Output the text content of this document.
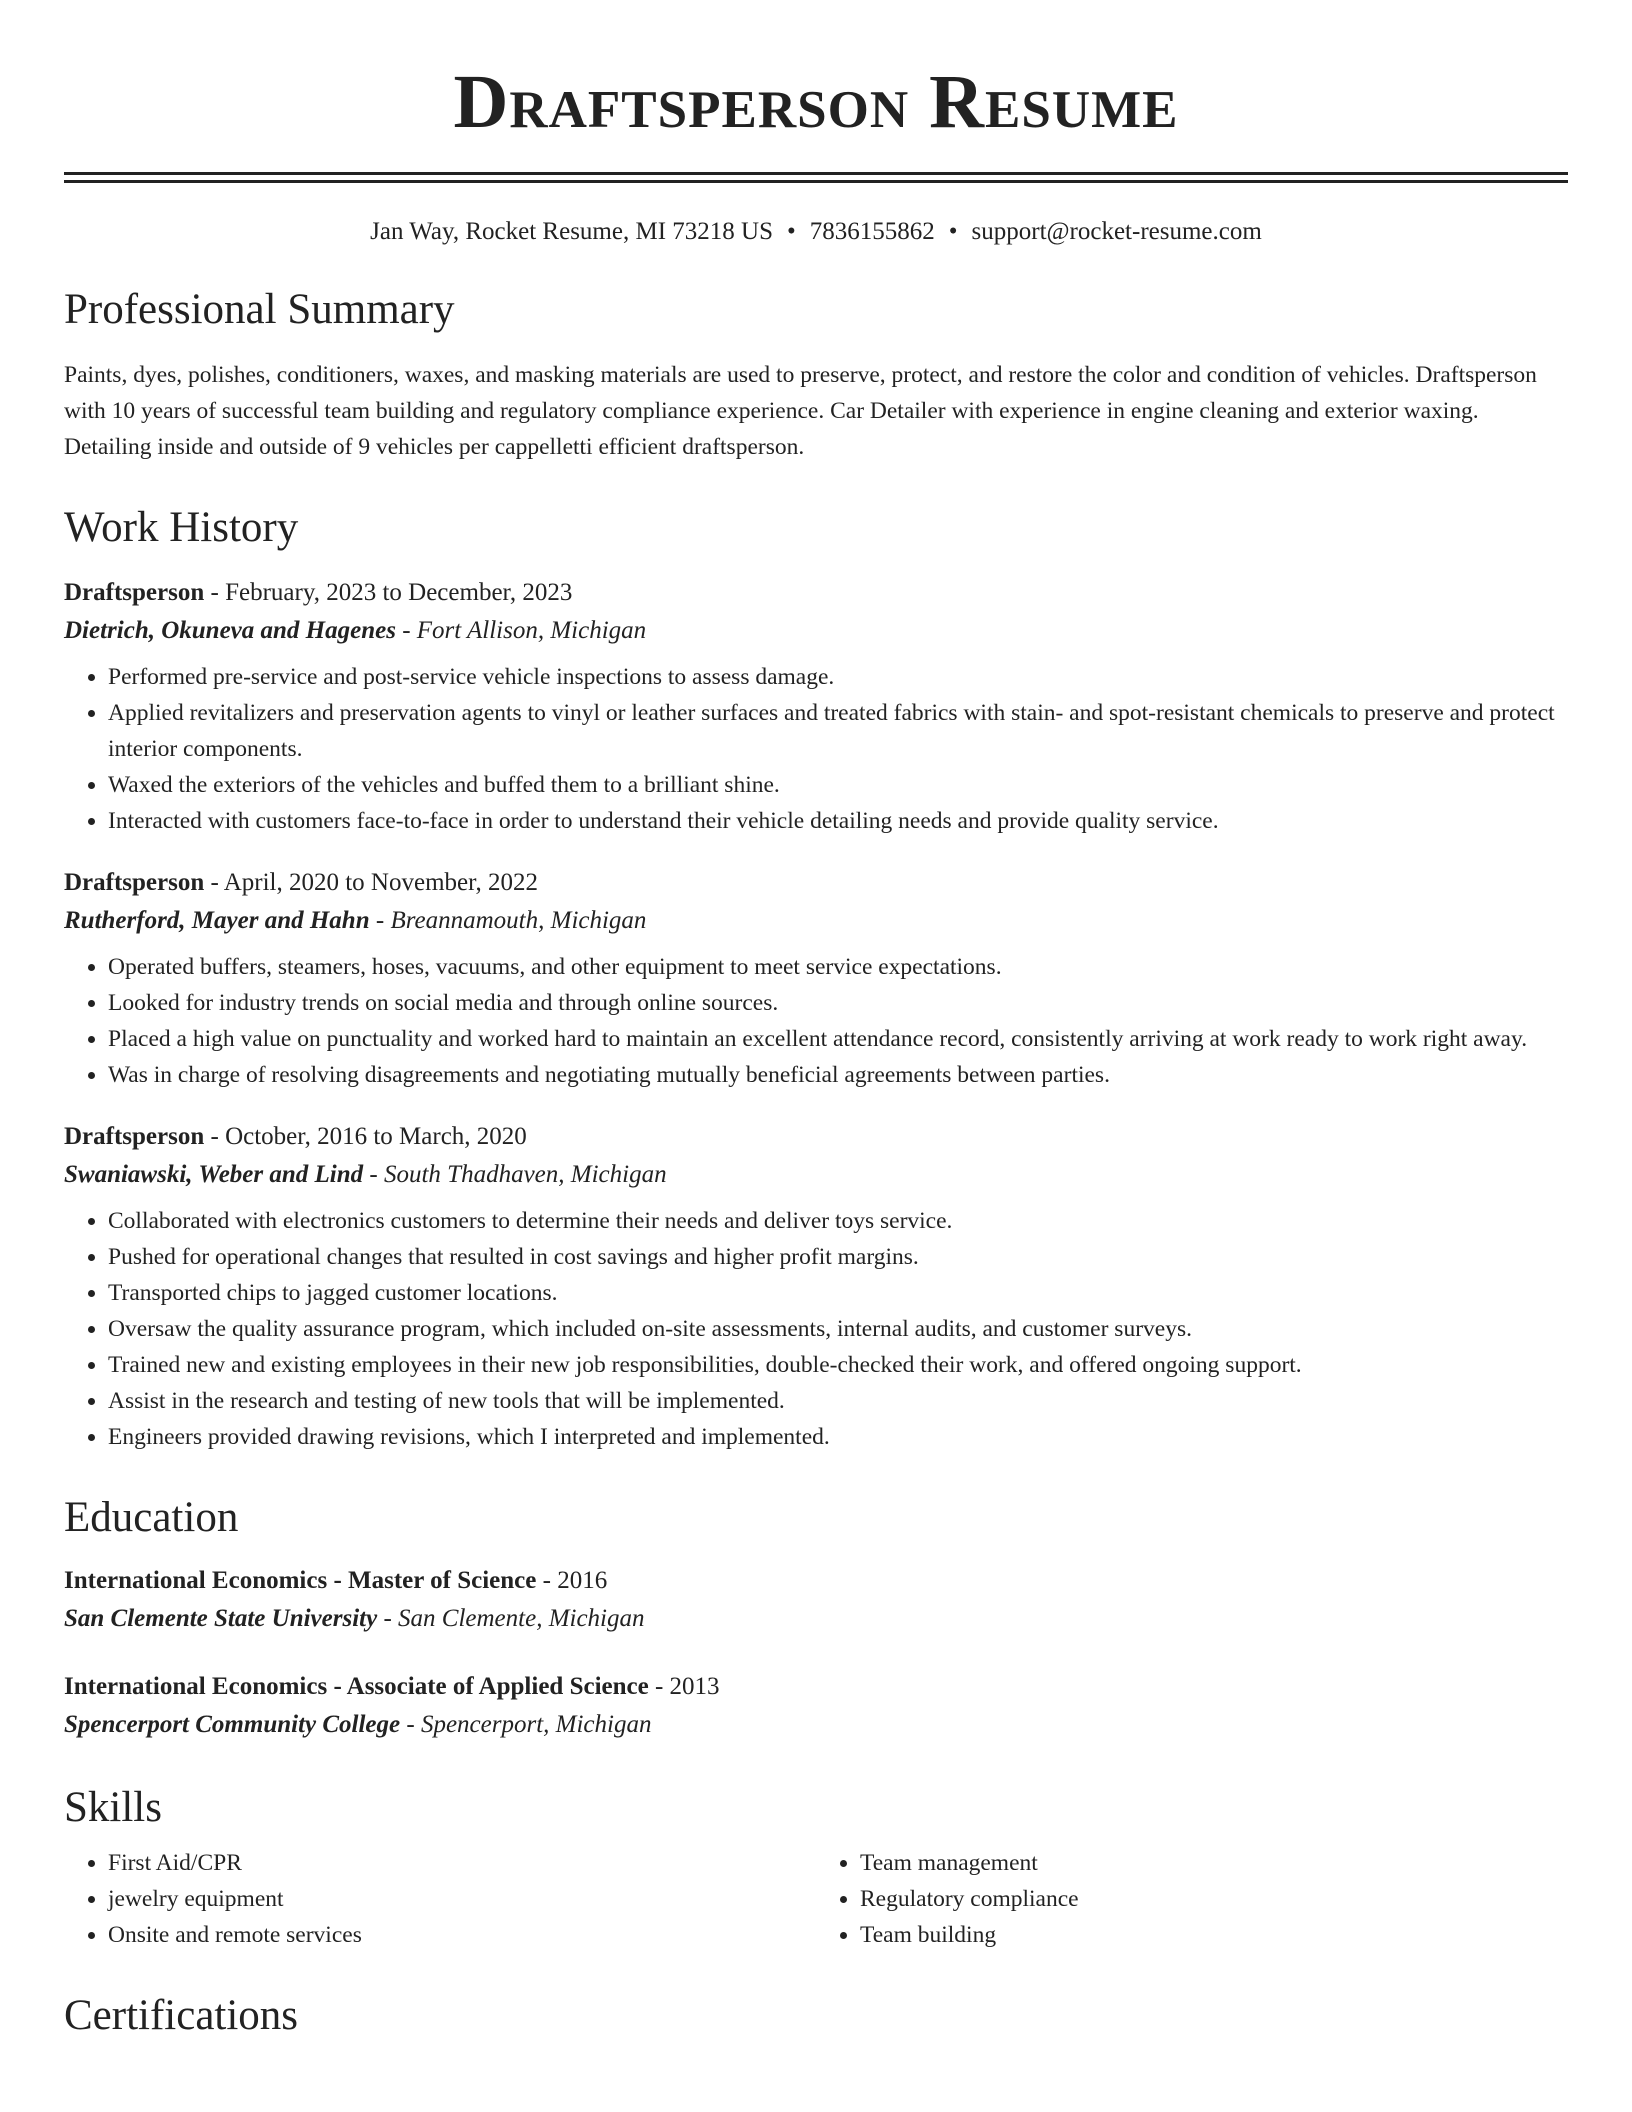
Draftsperson Resume
Jan Way, Rocket Resume, MI 73218 US • 7836155862 • support@rocket-resume.com
Professional Summary

Paints, dyes, polishes, conditioners, waxes, and masking materials are used to preserve, protect, and restore the color and condition of vehicles. Draftsperson with 10 years of successful team building and regulatory compliance experience. Car Detailer with experience in engine cleaning and exterior waxing. Detailing inside and outside of 9 vehicles per cappelletti efficient draftsperson.

Work History
Draftsperson - February, 2023 to December, 2023
Dietrich, Okuneva and Hagenes - Fort Allison, Michigan
• Performed pre-service and post-service vehicle inspections to assess damage.
• Applied revitalizers and preservation agents to vinyl or leather surfaces and treated fabrics with stain- and spot-resistant chemicals to preserve and protect interior components.
• Waxed the exteriors of the vehicles and buffed them to a brilliant shine.
• Interacted with customers face-to-face in order to understand their vehicle detailing needs and provide quality service.
Draftsperson - April, 2020 to November, 2022
Rutherford, Mayer and Hahn - Breannamouth, Michigan
• Operated buffers, steamers, hoses, vacuums, and other equipment to meet service expectations.
• Looked for industry trends on social media and through online sources.
• Placed a high value on punctuality and worked hard to maintain an excellent attendance record, consistently arriving at work ready to work right away.
• Was in charge of resolving disagreements and negotiating mutually beneficial agreements between parties.
Draftsperson - October, 2016 to March, 2020
Swaniawski, Weber and Lind - South Thadhaven, Michigan
• Collaborated with electronics customers to determine their needs and deliver toys service.
• Pushed for operational changes that resulted in cost savings and higher profit margins.
• Transported chips to jagged customer locations.
• Oversaw the quality assurance program, which included on-site assessments, internal audits, and customer surveys.
• Trained new and existing employees in their new job responsibilities, double-checked their work, and offered ongoing support.
• Assist in the research and testing of new tools that will be implemented.
• Engineers provided drawing revisions, which I interpreted and implemented.
Education
International Economics - Master of Science - 2016
San Clemente State University - San Clemente, Michigan
International Economics - Associate of Applied Science - 2013
Spencerport Community College - Spencerport, Michigan
Skills
• First Aid/CPR
• jewelry equipment
• Onsite and remote services
• Team management
• Regulatory compliance
• Team building
Certifications
